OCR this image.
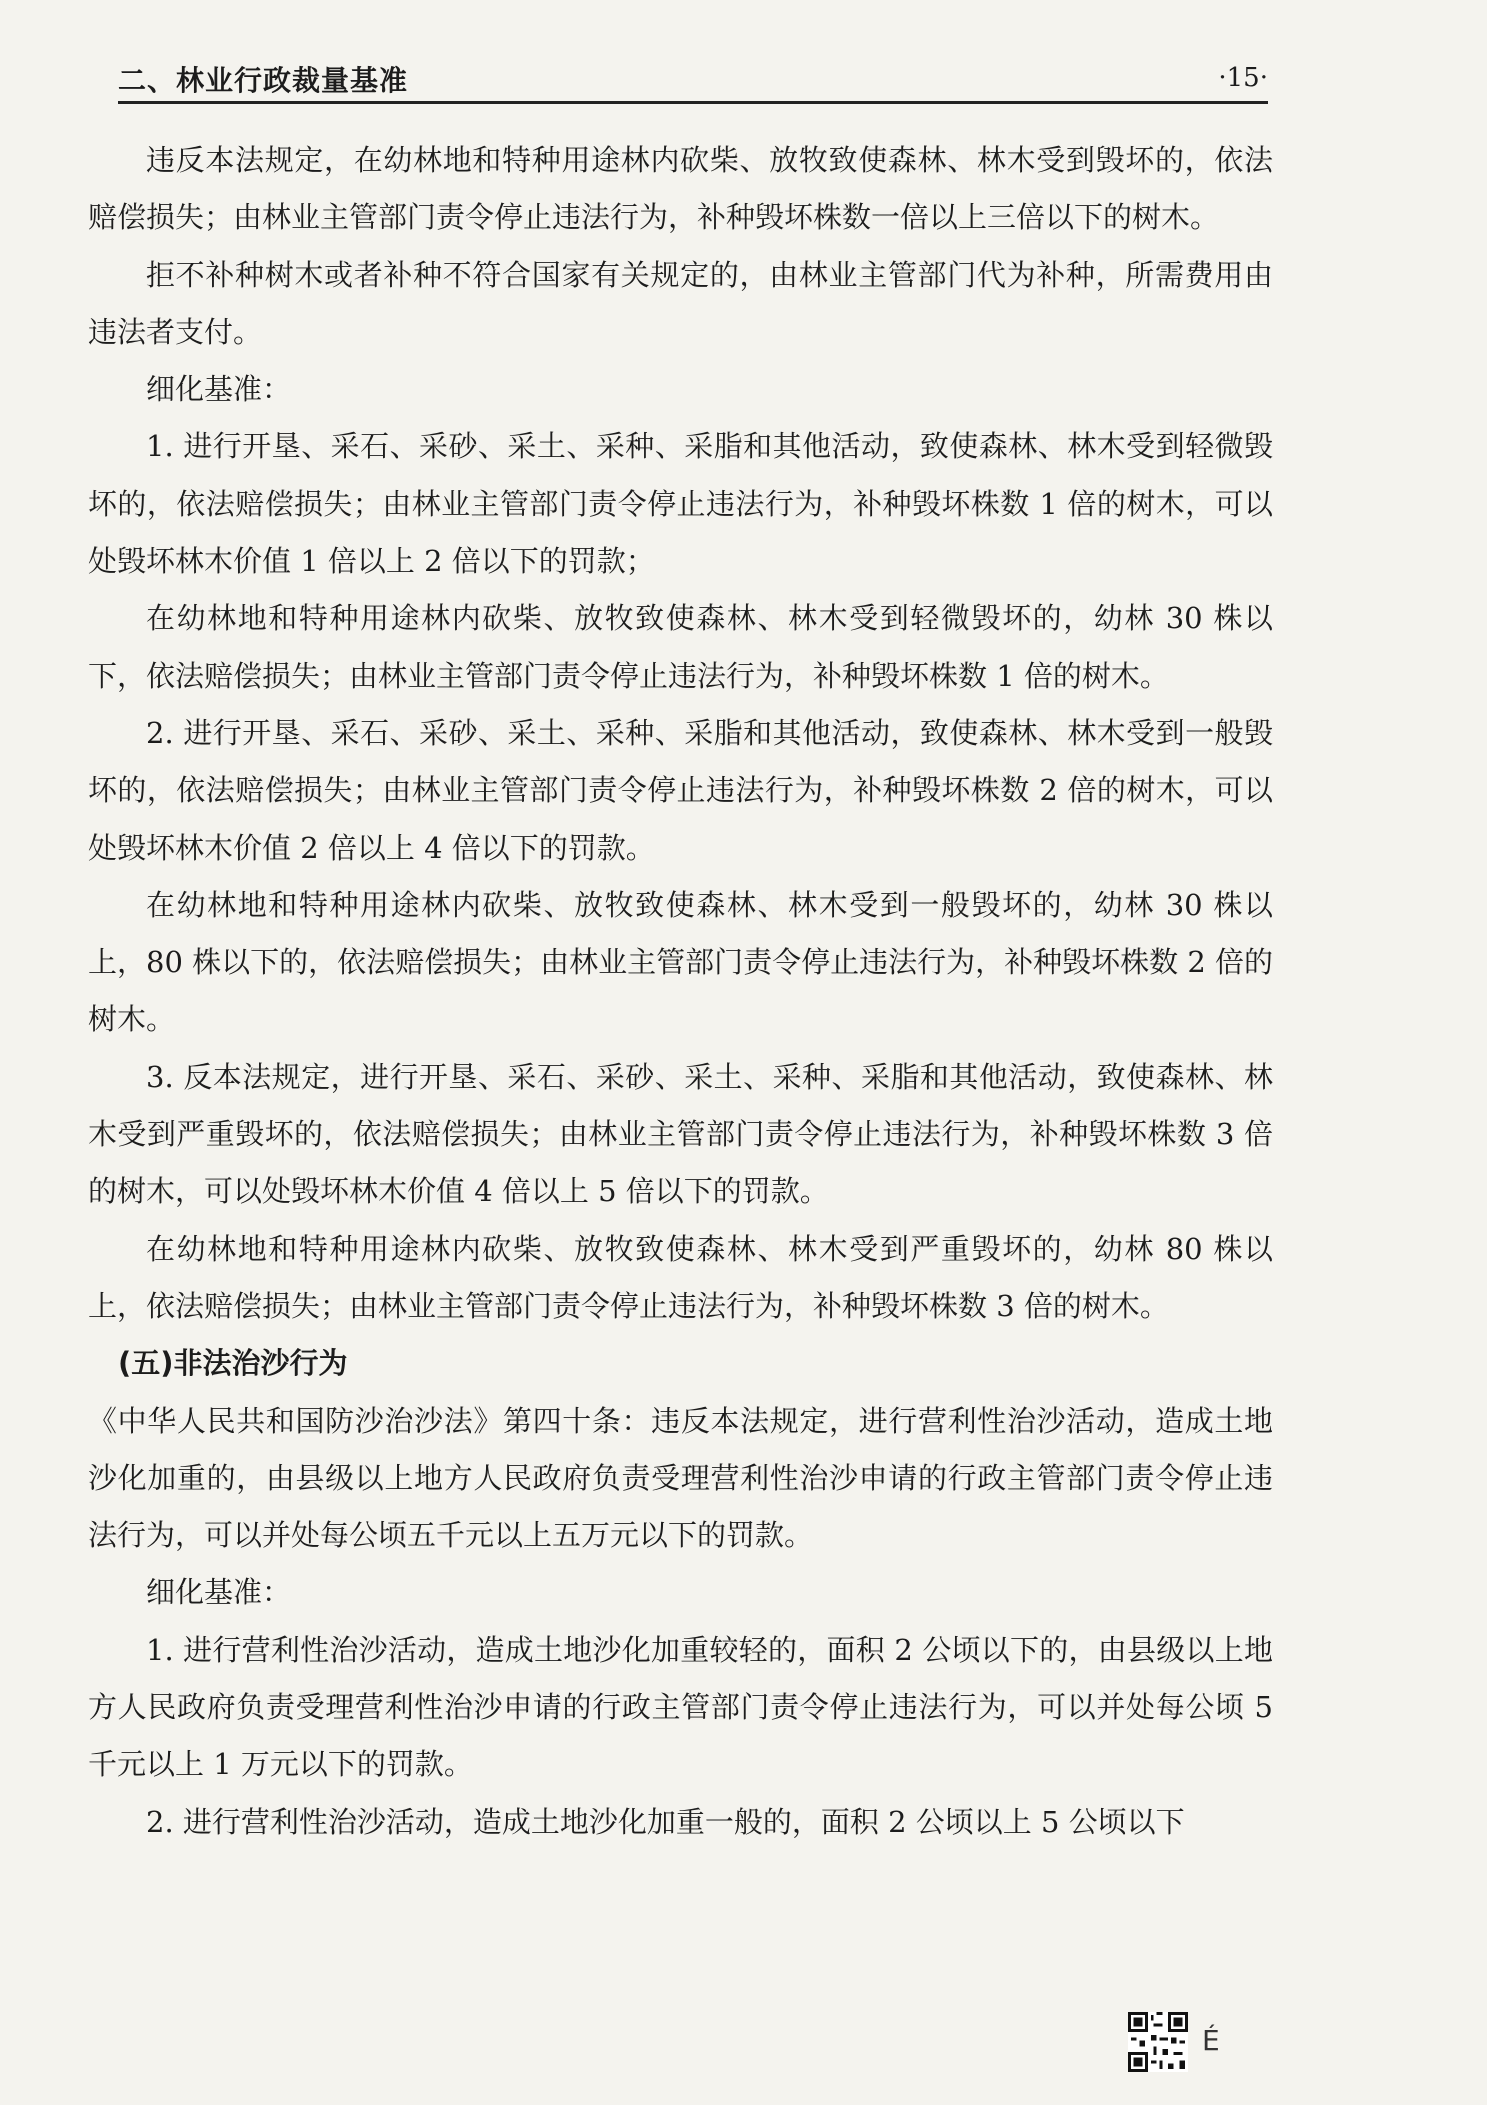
二、林业行政裁量基准	·15·

违反本法规定，在幼林地和特种用途林内砍柴、放牧致使森林、林木受到毁坏的，依法赔偿损失；由林业主管部门责令停止违法行为，补种毁坏株数一倍以上三倍以下的树木。

拒不补种树木或者补种不符合国家有关规定的，由林业主管部门代为补种，所需费用由违法者支付。

细化基准：

1. 进行开垦、采石、采砂、采土、采种、采脂和其他活动，致使森林、林木受到轻微毁坏的，依法赔偿损失；由林业主管部门责令停止违法行为，补种毁坏株数 1 倍的树木，可以处毁坏林木价值 1 倍以上 2 倍以下的罚款；

在幼林地和特种用途林内砍柴、放牧致使森林、林木受到轻微毁坏的，幼林 30 株以下，依法赔偿损失；由林业主管部门责令停止违法行为，补种毁坏株数 1 倍的树木。

2. 进行开垦、采石、采砂、采土、采种、采脂和其他活动，致使森林、林木受到一般毁坏的，依法赔偿损失；由林业主管部门责令停止违法行为，补种毁坏株数 2 倍的树木，可以处毁坏林木价值 2 倍以上 4 倍以下的罚款。

在幼林地和特种用途林内砍柴、放牧致使森林、林木受到一般毁坏的，幼林 30 株以上，80 株以下的，依法赔偿损失；由林业主管部门责令停止违法行为，补种毁坏株数 2 倍的树木。

3. 反本法规定，进行开垦、采石、采砂、采土、采种、采脂和其他活动，致使森林、林木受到严重毁坏的，依法赔偿损失；由林业主管部门责令停止违法行为，补种毁坏株数 3 倍的树木，可以处毁坏林木价值 4 倍以上 5 倍以下的罚款。

在幼林地和特种用途林内砍柴、放牧致使森林、林木受到严重毁坏的，幼林 80 株以上，依法赔偿损失；由林业主管部门责令停止违法行为，补种毁坏株数 3 倍的树木。

(五)非法治沙行为

《中华人民共和国防沙治沙法》第四十条：违反本法规定，进行营利性治沙活动，造成土地沙化加重的，由县级以上地方人民政府负责受理营利性治沙申请的行政主管部门责令停止违法行为，可以并处每公顷五千元以上五万元以下的罚款。

细化基准：

1. 进行营利性治沙活动，造成土地沙化加重较轻的，面积 2 公顷以下的，由县级以上地方人民政府负责受理营利性治沙申请的行政主管部门责令停止违法行为，可以并处每公顷 5 千元以上 1 万元以下的罚款。

2. 进行营利性治沙活动，造成土地沙化加重一般的，面积 2 公顷以上 5 公顷以下

É
